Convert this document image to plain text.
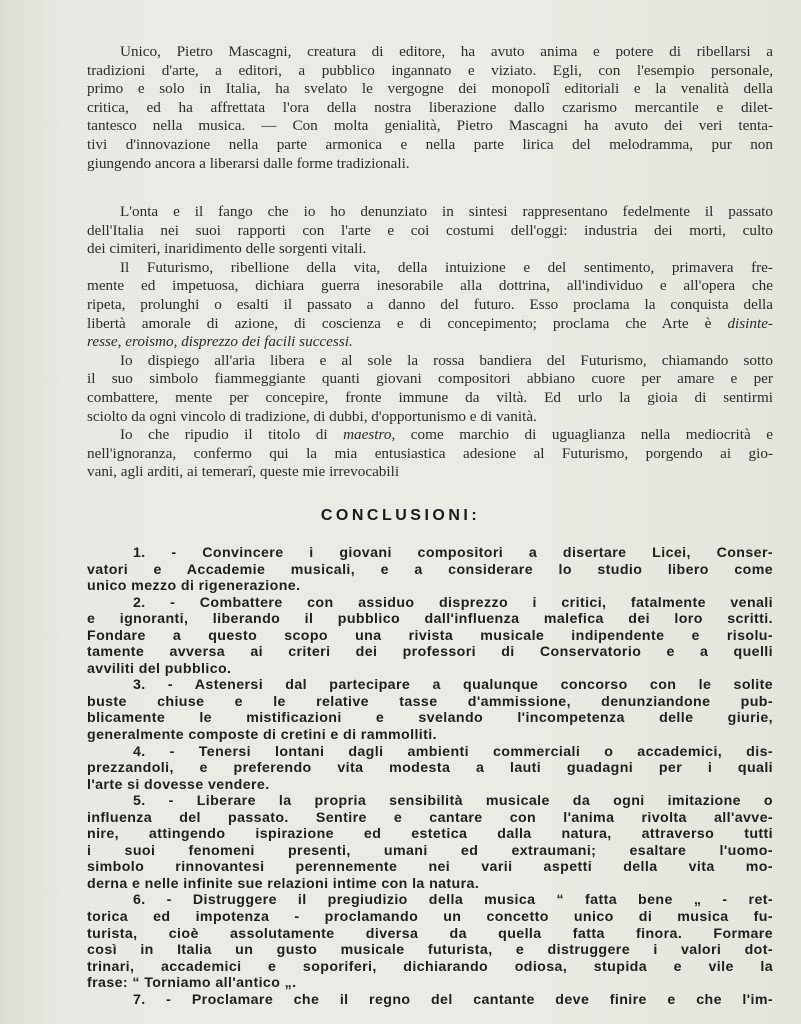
Unico, Pietro Mascagni, creatura di editore, ha avuto anima e potere di ribellarsi a
tradizioni d'arte, a editori, a pubblico ingannato e viziato. Egli, con l'esempio personale,
primo e solo in Italia, ha svelato le vergogne dei monopolî editoriali e la venalità della
critica, ed ha affrettata l'ora della nostra liberazione dallo czarismo mercantile e dilet-
tantesco nella musica. — Con molta genialità, Pietro Mascagni ha avuto dei veri tenta-
tivi d'innovazione nella parte armonica e nella parte lirica del melodramma, pur non
giungendo ancora a liberarsi dalle forme tradizionali.
L'onta e il fango che io ho denunziato in sintesi rappresentano fedelmente il passato
dell'Italia nei suoi rapporti con l'arte e coi costumi dell'oggi: industria dei morti, culto
dei cimiteri, inaridimento delle sorgenti vitali.
Il Futurismo, ribellione della vita, della intuizione e del sentimento, primavera fre-
mente ed impetuosa, dichiara guerra inesorabile alla dottrina, all'individuo e all'opera che
ripeta, prolunghi o esalti il passato a danno del futuro. Esso proclama la conquista della
libertà amorale di azione, di coscienza e di concepimento; proclama che Arte è disinte-
resse, eroismo, disprezzo dei facili successi.
Io dispiego all'aria libera e al sole la rossa bandiera del Futurismo, chiamando sotto
il suo simbolo fiammeggiante quanti giovani compositori abbiano cuore per amare e per
combattere, mente per concepire, fronte immune da viltà. Ed urlo la gioia di sentirmi
sciolto da ogni vincolo di tradizione, di dubbi, d'opportunismo e di vanità.
Io che ripudio il titolo di maestro, come marchio di uguaglianza nella mediocrità e
nell'ignoranza, confermo qui la mia entusiastica adesione al Futurismo, porgendo ai gio-
vani, agli arditi, ai temerarî, queste mie irrevocabili
CONCLUSIONI:
1. - Convincere i giovani compositori a disertare Licei, Conser-
vatori e Accademie musicali, e a considerare lo studio libero come
unico mezzo di rigenerazione.
2. - Combattere con assiduo disprezzo i critici, fatalmente venali
e ignoranti, liberando il pubblico dall'influenza malefica dei loro scritti.
Fondare a questo scopo una rivista musicale indipendente e risolu-
tamente avversa ai criteri dei professori di Conservatorio e a quelli
avviliti del pubblico.
3. - Astenersi dal partecipare a qualunque concorso con le solite
buste chiuse e le relative tasse d'ammissione, denunziandone pub-
blicamente le mistificazioni e svelando l'incompetenza delle giurie,
generalmente composte di cretini e di rammolliti.
4. - Tenersi lontani dagli ambienti commerciali o accademici, dis-
prezzandoli, e preferendo vita modesta a lauti guadagni per i quali
l'arte si dovesse vendere.
5. - Liberare la propria sensibilità musicale da ogni imitazione o
influenza del passato. Sentire e cantare con l'anima rivolta all'avve-
nire, attingendo ispirazione ed estetica dalla natura, attraverso tutti
i suoi fenomeni presenti, umani ed extraumani; esaltare l'uomo-
simbolo rinnovantesi perennemente nei varii aspetti della vita mo-
derna e nelle infinite sue relazioni intime con la natura.
6. - Distruggere il pregiudizio della musica “ fatta bene „ - ret-
torica ed impotenza - proclamando un concetto unico di musica fu-
turista, cioè assolutamente diversa da quella fatta finora. Formare
così in Italia un gusto musicale futurista, e distruggere i valori dot-
trinari, accademici e soporiferi, dichiarando odiosa, stupida e vile la
frase: “ Torniamo all'antico „.
7. - Proclamare che il regno del cantante deve finire e che l'im-
